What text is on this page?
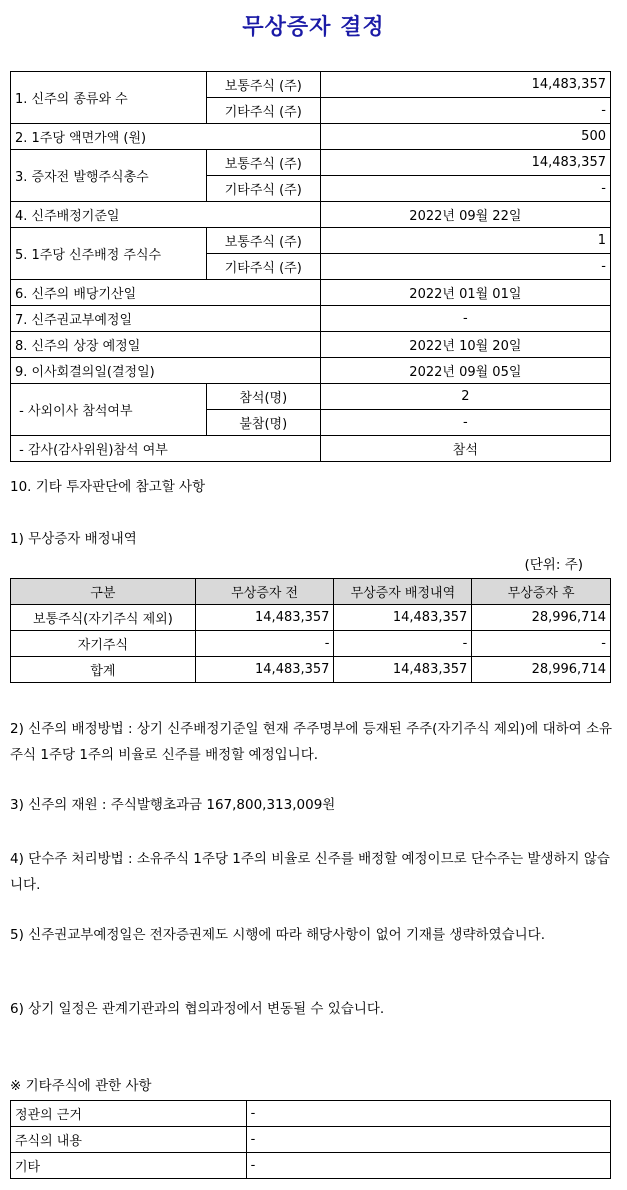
무상증자 결정
1. 신주의 종류와 수	보통주식 (주)	14,483,357
	기타주식 (주)	-
2. 1주당 액면가액 (원)		500
3. 증자전 발행주식총수	보통주식 (주)	14,483,357
	기타주식 (주)	-
4. 신주배정기준일		2022년 09월 22일
5. 1주당 신주배정 주식수	보통주식 (주)	1
	기타주식 (주)	-
6. 신주의 배당기산일		2022년 01월 01일
7. 신주권교부예정일		-
8. 신주의 상장 예정일		2022년 10월 20일
9. 이사회결의일(결정일)		2022년 09월 05일
- 사외이사 참석여부	참석(명)	2
	불참(명)	-
- 감사(감사위원)참석 여부		참석
10. 기타 투자판단에 참고할 사항
1) 무상증자 배정내역
(단위: 주)
구분	무상증자 전	무상증자 배정내역	무상증자 후
보통주식(자기주식 제외)	14,483,357	14,483,357	28,996,714
자기주식	-	-	-
합계	14,483,357	14,483,357	28,996,714
2) 신주의 배정방법 : 상기 신주배정기준일 현재 주주명부에 등재된 주주(자기주식 제외)에 대하여 소유주식 1주당 1주의 비율로 신주를 배정할 예정입니다.
3) 신주의 재원 : 주식발행초과금 167,800,313,009원
4) 단수주 처리방법 : 소유주식 1주당 1주의 비율로 신주를 배정할 예정이므로 단수주는 발생하지 않습니다.
5) 신주권교부예정일은 전자증권제도 시행에 따라 해당사항이 없어 기재를 생략하였습니다.
6) 상기 일정은 관계기관과의 협의과정에서 변동될 수 있습니다.
※ 기타주식에 관한 사항
정관의 근거	-
주식의 내용	-
기타	-
